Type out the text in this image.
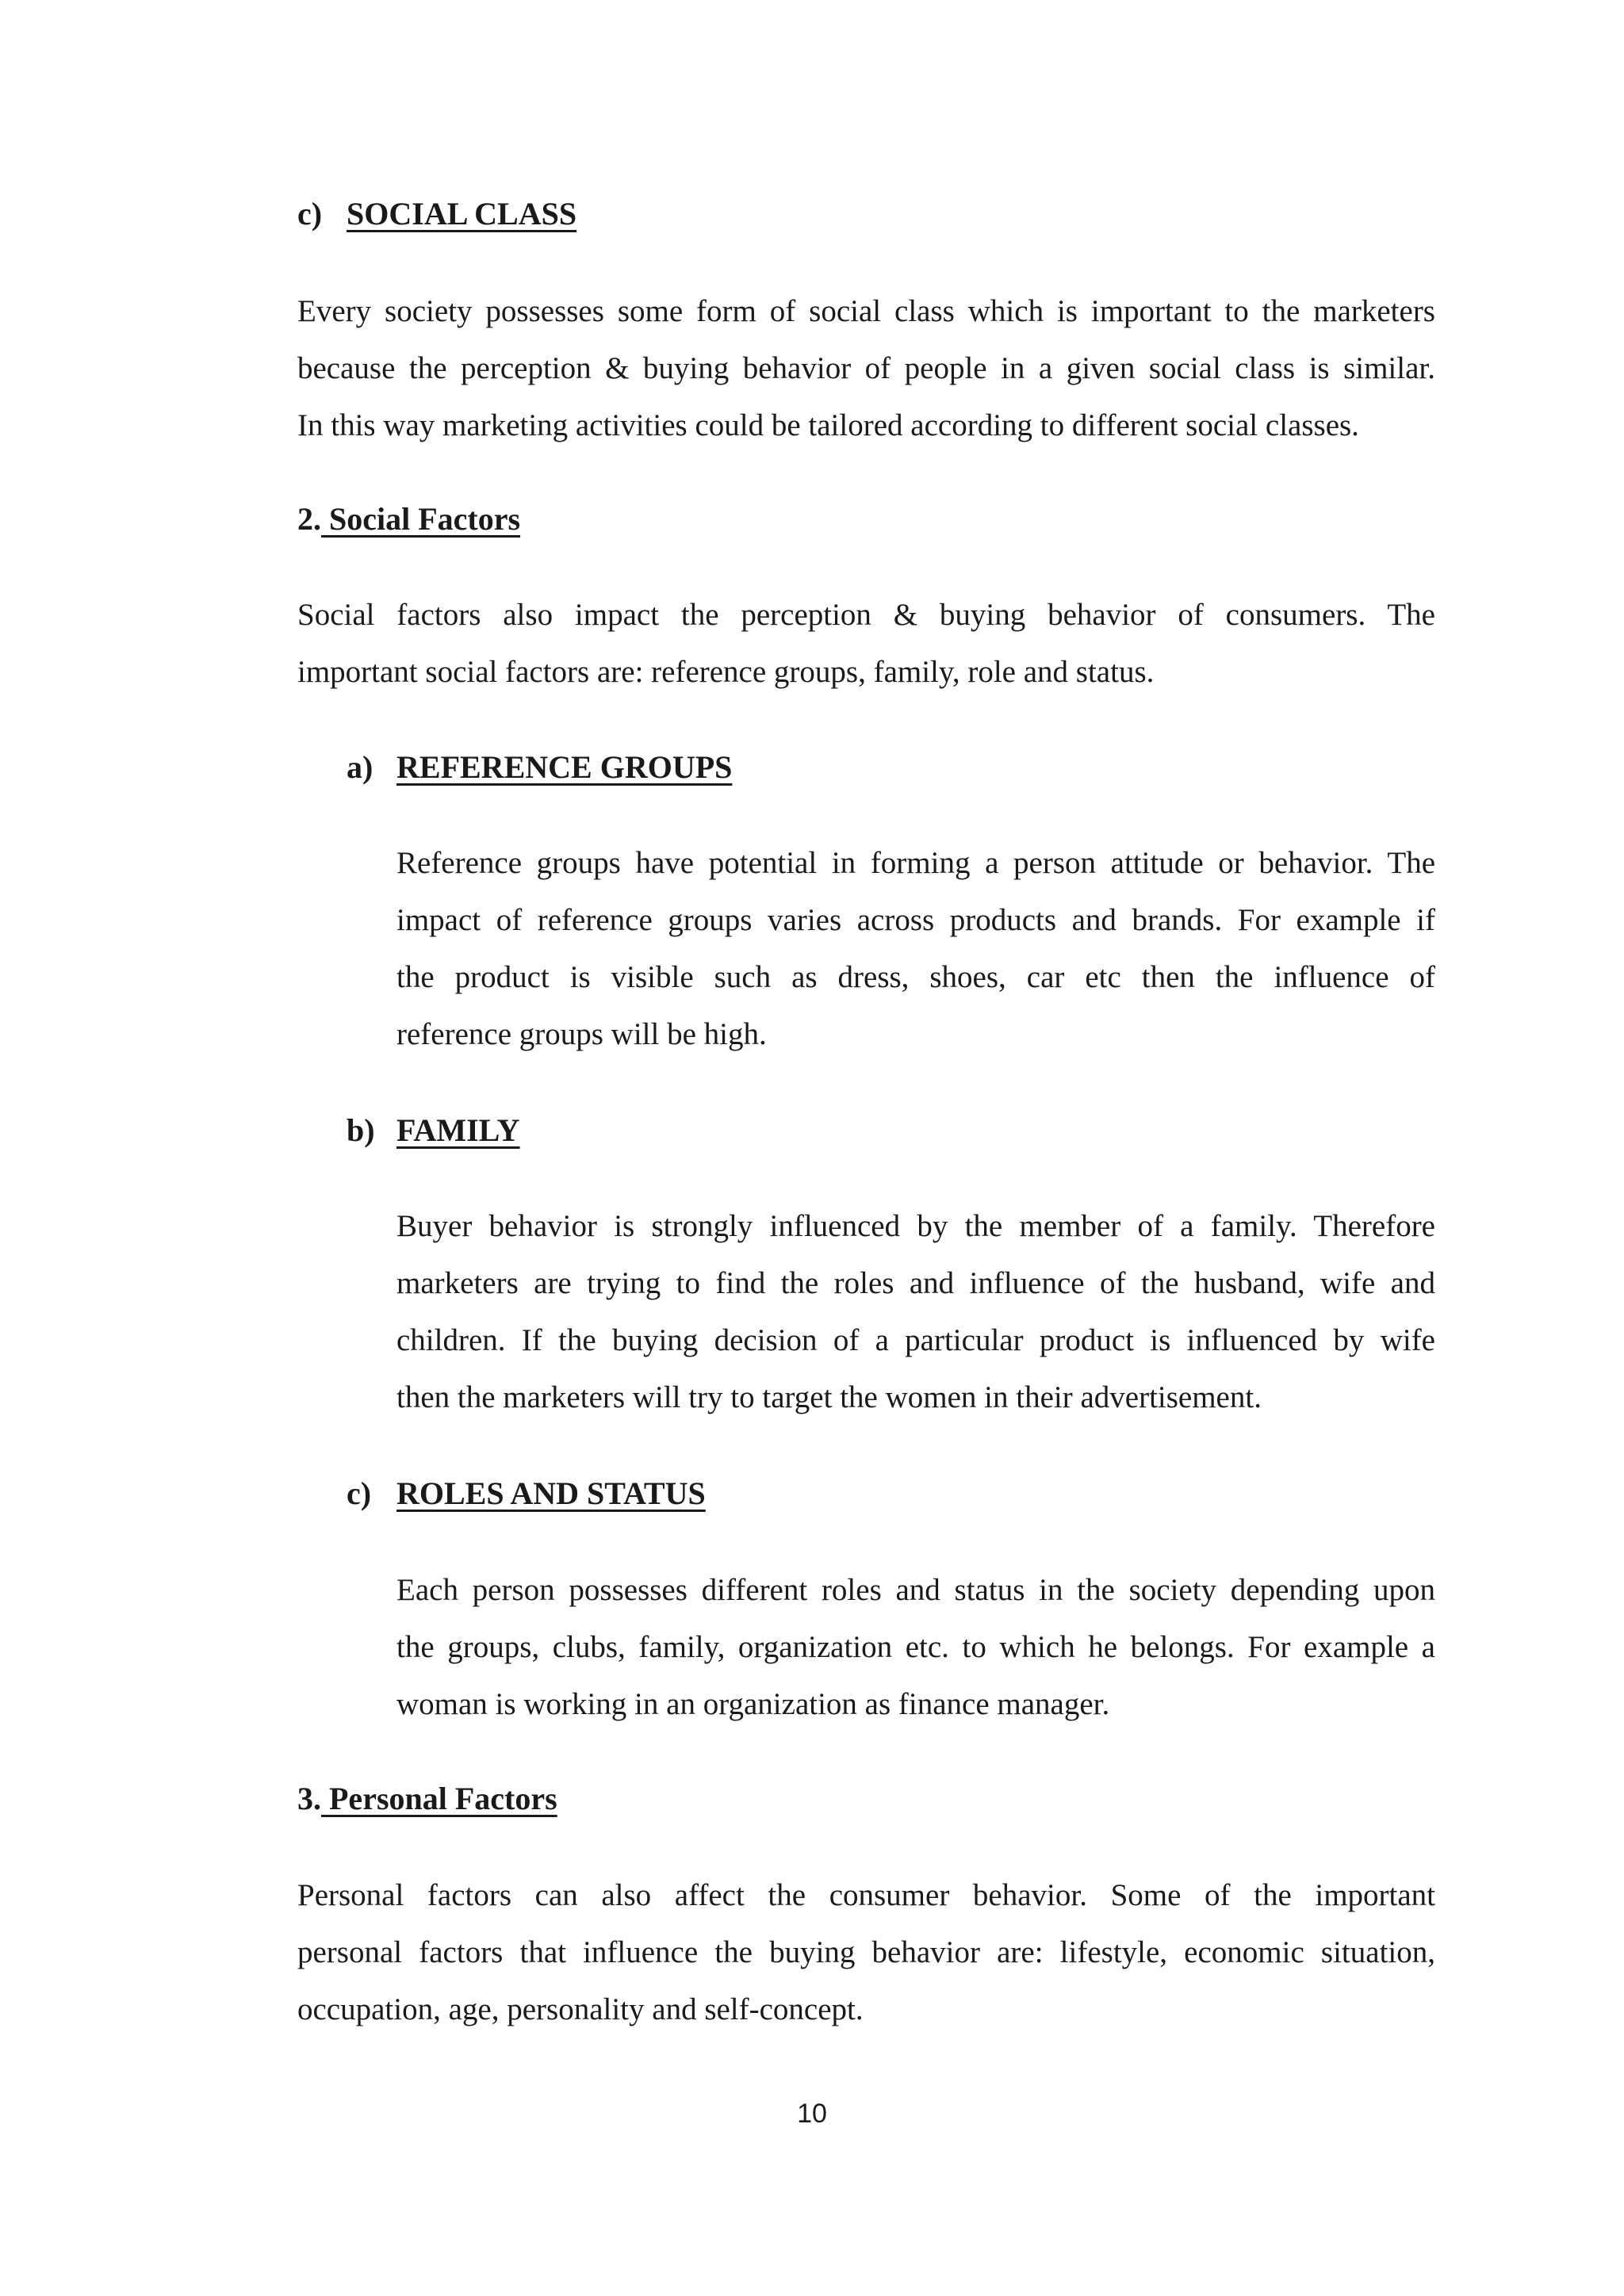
c) SOCIAL CLASS
Every society possesses some form of social class which is important to the marketers
because the perception & buying behavior of people in a given social class is similar.
In this way marketing activities could be tailored according to different social classes.
2. Social Factors
Social factors also impact the perception & buying behavior of consumers. The
important social factors are: reference groups, family, role and status.
a) REFERENCE GROUPS
Reference groups have potential in forming a person attitude or behavior. The
impact of reference groups varies across products and brands. For example if
the product is visible such as dress, shoes, car etc then the influence of
reference groups will be high.
b) FAMILY
Buyer behavior is strongly influenced by the member of a family. Therefore
marketers are trying to find the roles and influence of the husband, wife and
children. If the buying decision of a particular product is influenced by wife
then the marketers will try to target the women in their advertisement.
c) ROLES AND STATUS
Each person possesses different roles and status in the society depending upon
the groups, clubs, family, organization etc. to which he belongs. For example a
woman is working in an organization as finance manager.
3. Personal Factors
Personal factors can also affect the consumer behavior. Some of the important
personal factors that influence the buying behavior are: lifestyle, economic situation,
occupation, age, personality and self-concept.
10
